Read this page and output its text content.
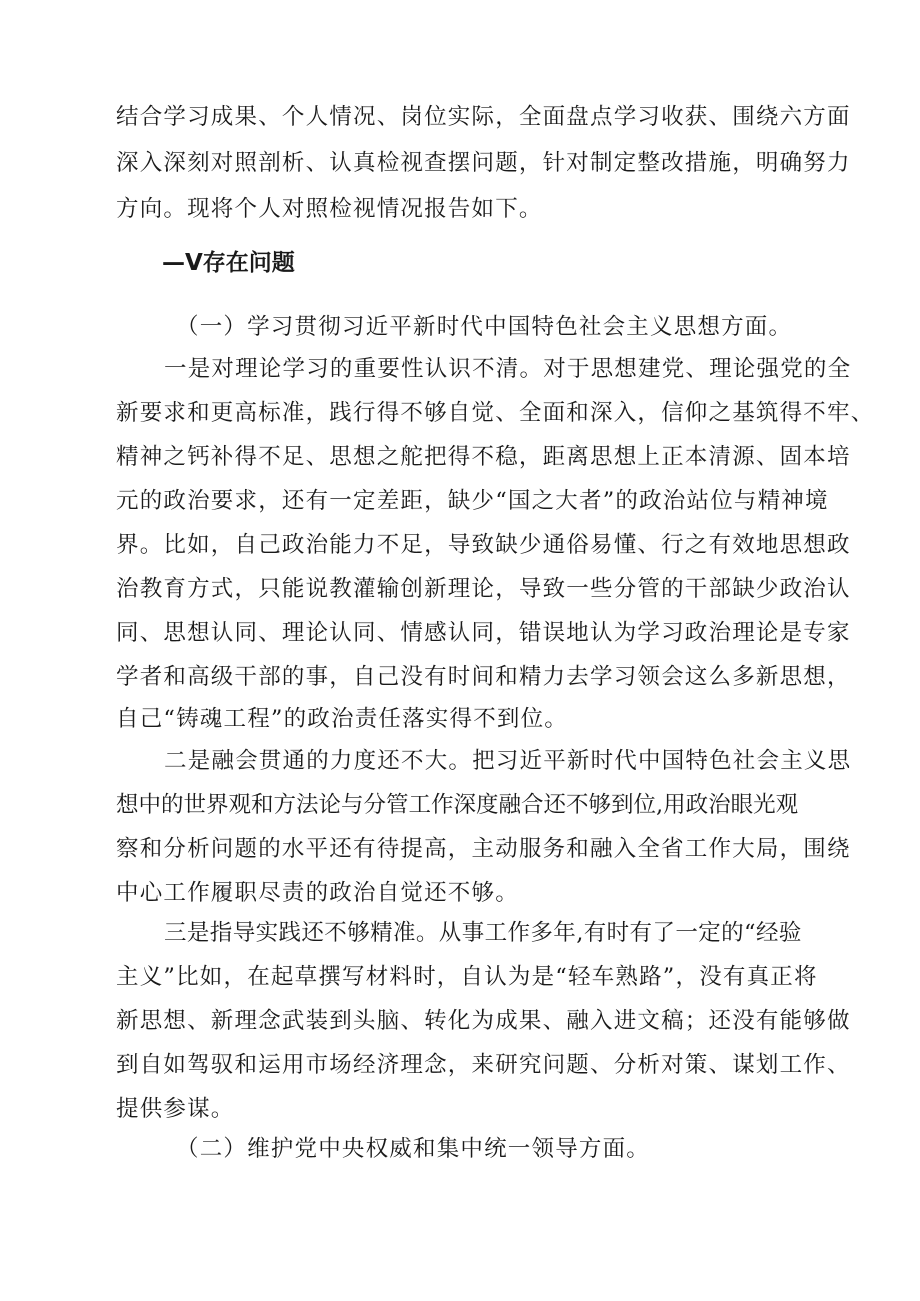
结合学习成果、个人情况、岗位实际，全面盘点学习收获、围绕六方面
深入深刻对照剖析、认真检视查摆问题，针对制定整改措施，明确努力
方向。现将个人对照检视情况报告如下。
—V存在问题
（一）学习贯彻习近平新时代中国特色社会主义思想方面。
一是对理论学习的重要性认识不清。对于思想建党、理论强党的全
新要求和更高标准，践行得不够自觉、全面和深入，信仰之基筑得不牢、
精神之钙补得不足、思想之舵把得不稳，距离思想上正本清源、固本培
元的政治要求，还有一定差距，缺少“国之大者”的政治站位与精神境
界。比如，自己政治能力不足，导致缺少通俗易懂、行之有效地思想政
治教育方式，只能说教灌输创新理论，导致一些分管的干部缺少政治认
同、思想认同、理论认同、情感认同，错误地认为学习政治理论是专家
学者和高级干部的事，自己没有时间和精力去学习领会这么多新思想，
自己“铸魂工程”的政治责任落实得不到位。
二是融会贯通的力度还不大。把习近平新时代中国特色社会主义思
想中的世界观和方法论与分管工作深度融合还不够到位,用政治眼光观
察和分析问题的水平还有待提高，主动服务和融入全省工作大局，围绕
中心工作履职尽责的政治自觉还不够。
三是指导实践还不够精准。从事工作多年,有时有了一定的“经验
主义”比如，在起草撰写材料时，自认为是“轻车熟路”，没有真正将
新思想、新理念武装到头脑、转化为成果、融入进文稿；还没有能够做
到自如驾驭和运用市场经济理念，来研究问题、分析对策、谋划工作、
提供参谋。
（二）维护党中央权威和集中统一领导方面。
